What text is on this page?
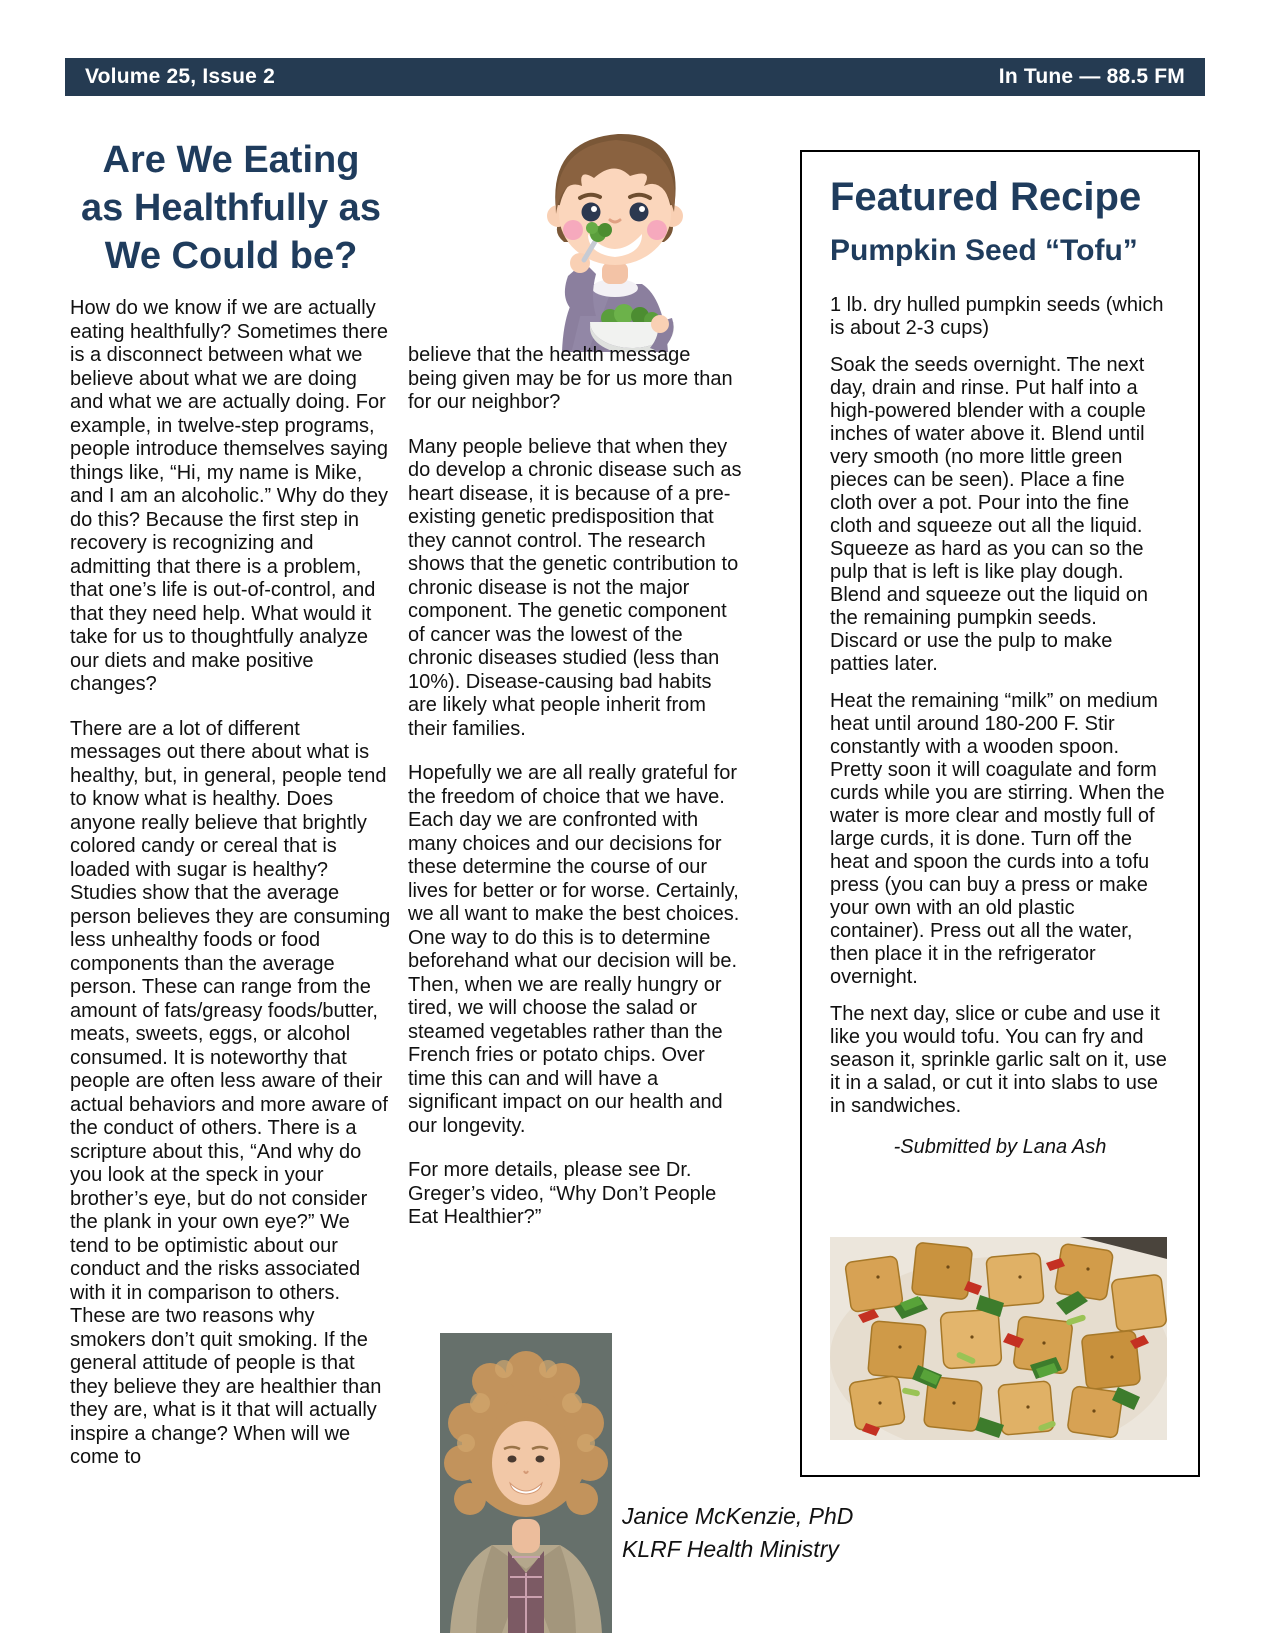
Volume 25, Issue 2	In Tune — 88.5 FM
Are We Eating
as Healthfully as
We Could be?

How do we know if we are actually eating healthfully? Sometimes there is a disconnect between what we believe about what we are doing and what we are actually doing. For example, in twelve-step programs, people introduce themselves saying things like, “Hi, my name is Mike, and I am an alcoholic.” Why do they do this? Because the first step in recovery is recognizing and admitting that there is a problem, that one’s life is out-of-control, and that they need help. What would it take for us to thoughtfully analyze our diets and make positive changes?

There are a lot of different messages out there about what is healthy, but, in general, people tend to know what is healthy. Does anyone really believe that brightly colored candy or cereal that is loaded with sugar is healthy? Studies show that the average person believes they are consuming less unhealthy foods or food components than the average person. These can range from the amount of fats/greasy foods/butter, meats, sweets, eggs, or alcohol consumed. It is noteworthy that people are often less aware of their actual behaviors and more aware of the conduct of others. There is a scripture about this, “And why do you look at the speck in your brother’s eye, but do not consider the plank in your own eye?” We tend to be optimistic about our conduct and the risks associated with it in comparison to others. These are two reasons why smokers don’t quit smoking. If the general attitude of people is that they believe they are healthier than they are, what is it that will actually inspire a change? When will we come to

believe that the health message being given may be for us more than for our neighbor?

Many people believe that when they do develop a chronic disease such as heart disease, it is because of a pre-existing genetic predisposition that they cannot control. The research shows that the genetic contribution to chronic disease is not the major component. The genetic component of cancer was the lowest of the chronic diseases studied (less than 10%). Disease-causing bad habits are likely what people inherit from their families.

Hopefully we are all really grateful for the freedom of choice that we have. Each day we are confronted with many choices and our decisions for these determine the course of our lives for better or for worse. Certainly, we all want to make the best choices. One way to do this is to determine beforehand what our decision will be. Then, when we are really hungry or tired, we will choose the salad or steamed vegetables rather than the French fries or potato chips. Over time this can and will have a significant impact on our health and our longevity.

For more details, please see Dr. Greger’s video, “Why Don’t People Eat Healthier?”

Featured Recipe
Pumpkin Seed “Tofu”

1 lb. dry hulled pumpkin seeds (which is about 2-3 cups)

Soak the seeds overnight. The next day, drain and rinse. Put half into a high-powered blender with a couple inches of water above it. Blend until very smooth (no more little green pieces can be seen). Place a fine cloth over a pot. Pour into the fine cloth and squeeze out all the liquid. Squeeze as hard as you can so the pulp that is left is like play dough. Blend and squeeze out the liquid on the remaining pumpkin seeds. Discard or use the pulp to make patties later.

Heat the remaining “milk” on medium heat until around 180-200 F. Stir constantly with a wooden spoon. Pretty soon it will coagulate and form curds while you are stirring. When the water is more clear and mostly full of large curds, it is done. Turn off the heat and spoon the curds into a tofu press (you can buy a press or make your own with an old plastic container). Press out all the water, then place it in the refrigerator overnight.

The next day, slice or cube and use it like you would tofu. You can fry and season it, sprinkle garlic salt on it, use it in a salad, or cut it into slabs to use in sandwiches.

-Submitted by Lana Ash

Janice McKenzie, PhD
KLRF Health Ministry
